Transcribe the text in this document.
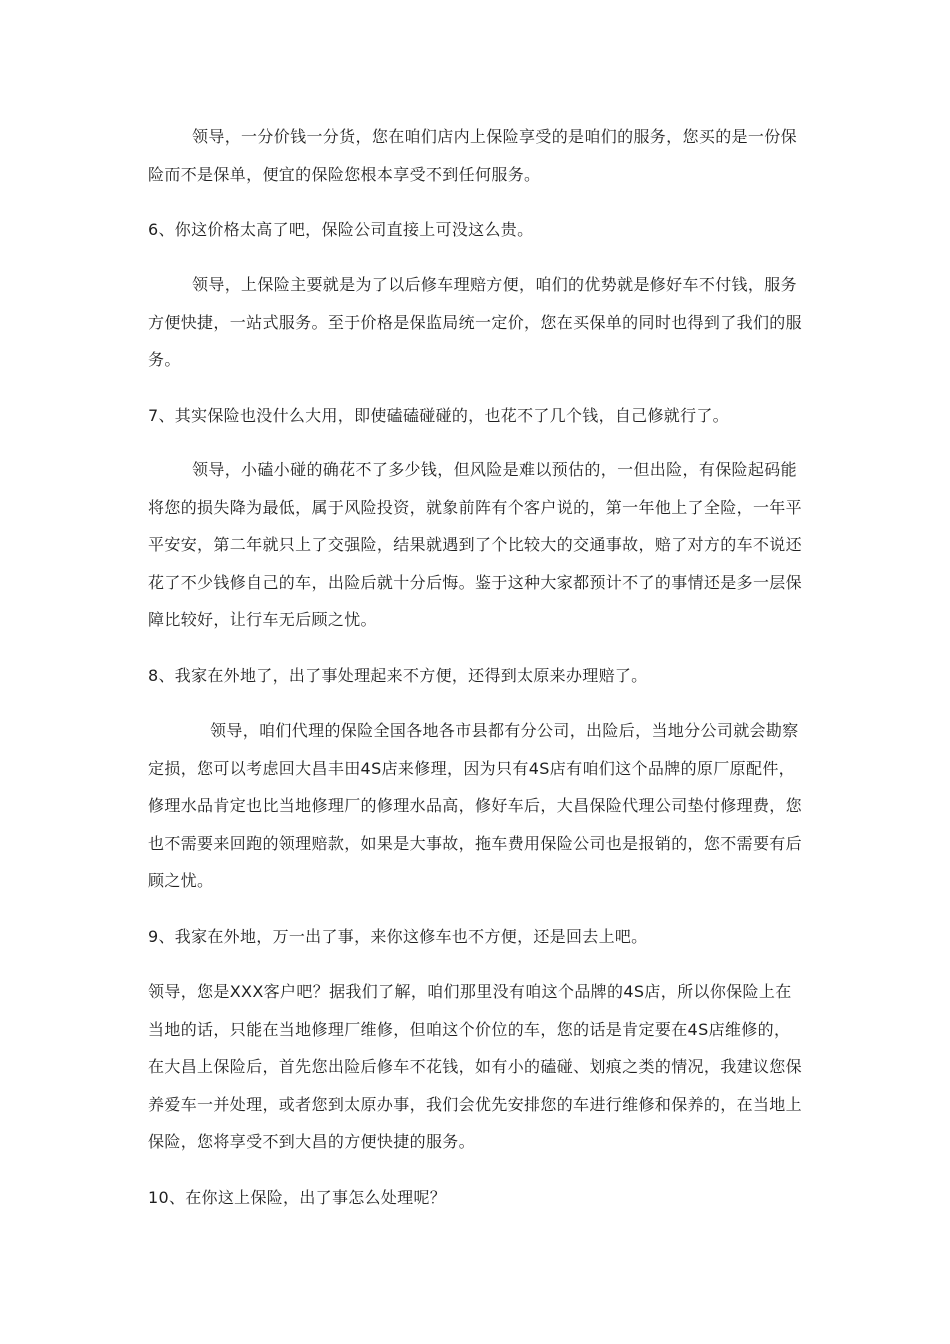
领导，一分价钱一分货，您在咱们店内上保险享受的是咱们的服务，您买的是一份保险而不是保单，便宜的保险您根本享受不到任何服务。

6、你这价格太高了吧，保险公司直接上可没这么贵。

领导，上保险主要就是为了以后修车理赔方便，咱们的优势就是修好车不付钱，服务方便快捷，一站式服务。至于价格是保监局统一定价，您在买保单的同时也得到了我们的服务。

7、其实保险也没什么大用，即使磕磕碰碰的，也花不了几个钱，自己修就行了。

领导，小磕小碰的确花不了多少钱，但风险是难以预估的，一但出险，有保险起码能将您的损失降为最低，属于风险投资，就象前阵有个客户说的，第一年他上了全险，一年平平安安，第二年就只上了交强险，结果就遇到了个比较大的交通事故，赔了对方的车不说还花了不少钱修自己的车，出险后就十分后悔。鉴于这种大家都预计不了的事情还是多一层保障比较好，让行车无后顾之忧。

8、我家在外地了，出了事处理起来不方便，还得到太原来办理赔了。

领导，咱们代理的保险全国各地各市县都有分公司，出险后，当地分公司就会勘察定损，您可以考虑回大昌丰田4S店来修理，因为只有4S店有咱们这个品牌的原厂原配件，修理水品肯定也比当地修理厂的修理水品高，修好车后，大昌保险代理公司垫付修理费，您也不需要来回跑的领理赔款，如果是大事故，拖车费用保险公司也是报销的，您不需要有后顾之忧。

9、我家在外地，万一出了事，来你这修车也不方便，还是回去上吧。

领导，您是XXX客户吧？据我们了解，咱们那里没有咱这个品牌的4S店，所以你保险上在当地的话，只能在当地修理厂维修，但咱这个价位的车，您的话是肯定要在4S店维修的，在大昌上保险后，首先您出险后修车不花钱，如有小的磕碰、划痕之类的情况，我建议您保养爱车一并处理，或者您到太原办事，我们会优先安排您的车进行维修和保养的，在当地上保险，您将享受不到大昌的方便快捷的服务。

10、在你这上保险，出了事怎么处理呢？
